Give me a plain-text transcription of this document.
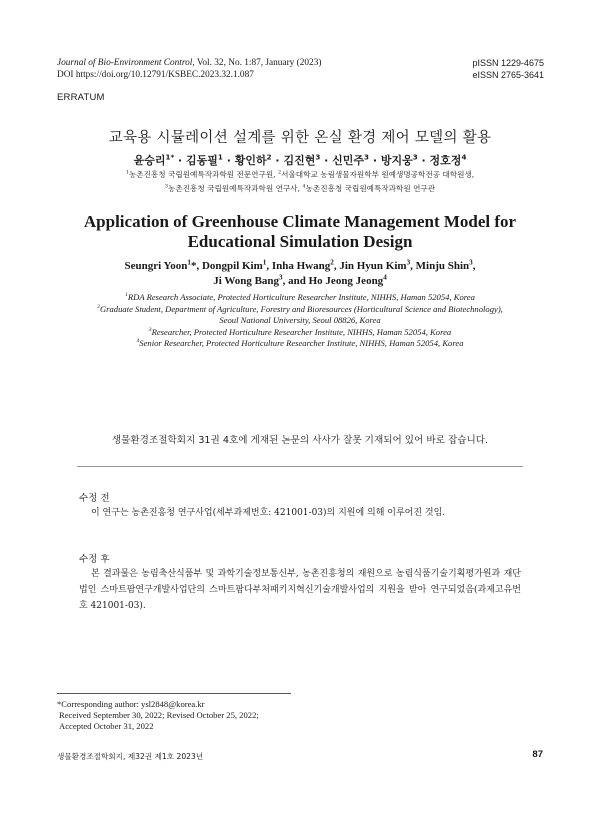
Journal of Bio-Environment Control, Vol. 32, No. 1:87, January (2023)
DOI https://doi.org/10.12791/KSBEC.2023.32.1.087
pISSN 1229-4675
eISSN 2765-3641
ERRATUM
교육용 시뮬레이션 설계를 위한 온실 환경 제어 모델의 활용
윤승리$^{1*}$ · 김동필$^1$ · 황인하$^2$ · 김진현$^3$ · 신민주$^3$ · 방지웅$^3$ · 정호정$^4$
$^1$농촌진흥청 국립원예특작과학원 전문연구원, $^2$서울대학교 농림생물자원학부 원예생명공학전공 대학원생,
$^3$농촌진흥청 국립원예특작과학원 연구사, $^4$농촌진흥청 국립원예특작과학원 연구관
Application of Greenhouse Climate Management Model for
Educational Simulation Design
Seungri Yoon$^1$*, Dongpil Kim$^1$, Inha Hwang$^2$, Jin Hyun Kim$^3$, Minju Shin$^3$,
Ji Wong Bang$^3$, and Ho Jeong Jeong$^4$
$^1$RDA Research Associate, Protected Horticulture Researcher Institute, NIHHS, Haman 52054, Korea
$^2$Graduate Student, Department of Agriculture, Forestry and Bioresources (Horticultural Science and Biotechnology),
Seoul National University, Seoul 08826, Korea
$^3$Researcher, Protected Horticulture Researcher Institute, NIHHS, Haman 52054, Korea
$^4$Senior Researcher, Protected Horticulture Researcher Institute, NIHHS, Haman 52054, Korea
생물환경조절학회지 31권 4호에 게재된 논문의 사사가 잘못 기재되어 있어 바로 잡습니다.
수정 전
이 연구는 농촌진흥청 연구사업(세부과제번호: 421001-03)의 지원에 의해 이루어진 것임.
수정 후
본 결과물은 농림축산식품부 및 과학기술정보통신부, 농촌진흥청의 재원으로 농림식품기술기획평가원과 재단법인 스마트팜연구개발사업단의 스마트팜다부처패키지혁신기술개발사업의 지원을 받아 연구되었음(과제고유번호 421001-03).
*Corresponding author: ysl2848@korea.kr
Received September 30, 2022; Revised October 25, 2022;
Accepted October 31, 2022
생물환경조절학회지, 제32권 제1호 2023년	87
